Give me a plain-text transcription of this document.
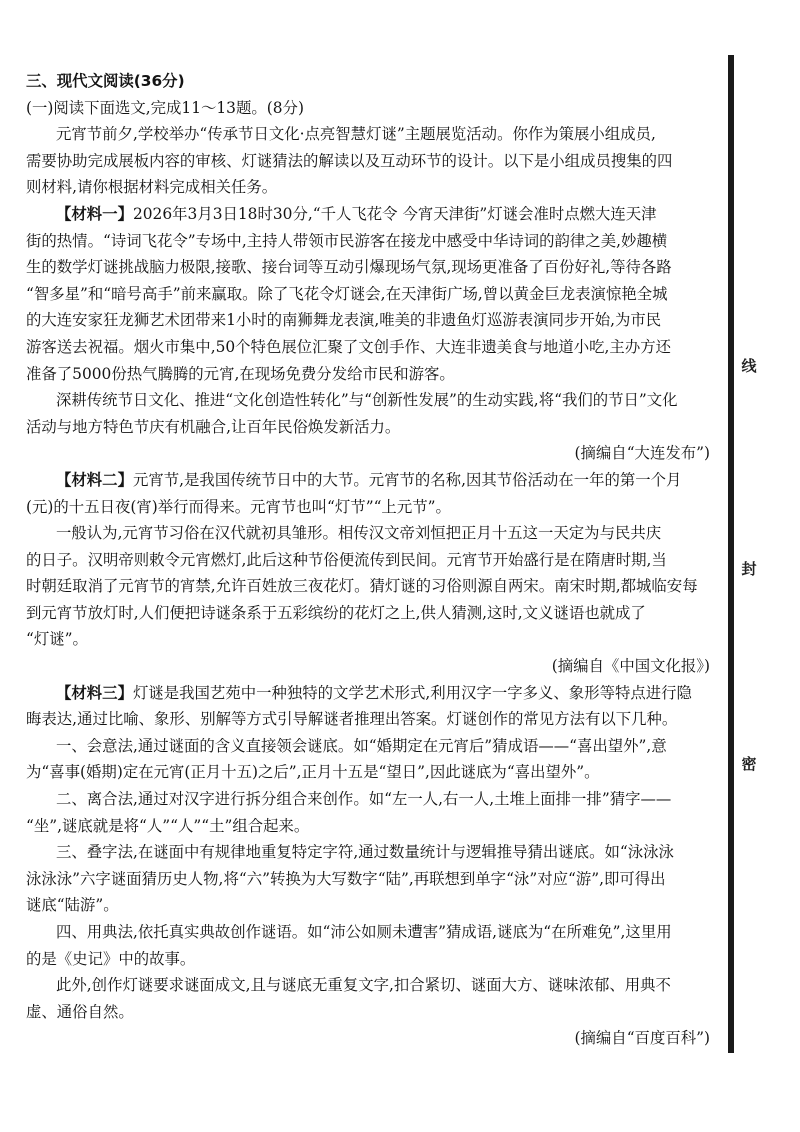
三、现代文阅读(36分)
(一)阅读下面选文,完成11～13题。(8分)
元宵节前夕,学校举办“传承节日文化·点亮智慧灯谜”主题展览活动。你作为策展小组成员,
需要协助完成展板内容的审核、灯谜猜法的解读以及互动环节的设计。以下是小组成员搜集的四
则材料,请你根据材料完成相关任务。
【材料一】2026年3月3日18时30分,“千人飞花令 今宵天津街”灯谜会准时点燃大连天津
街的热情。“诗词飞花令”专场中,主持人带领市民游客在接龙中感受中华诗词的韵律之美,妙趣横
生的数学灯谜挑战脑力极限,接歌、接台词等互动引爆现场气氛,现场更准备了百份好礼,等待各路
“智多星”和“暗号高手”前来赢取。除了飞花令灯谜会,在天津街广场,曾以黄金巨龙表演惊艳全城
的大连安家狂龙狮艺术团带来1小时的南狮舞龙表演,唯美的非遗鱼灯巡游表演同步开始,为市民
游客送去祝福。烟火市集中,50个特色展位汇聚了文创手作、大连非遗美食与地道小吃,主办方还
准备了5000份热气腾腾的元宵,在现场免费分发给市民和游客。
深耕传统节日文化、推进“文化创造性转化”与“创新性发展”的生动实践,将“我们的节日”文化
活动与地方特色节庆有机融合,让百年民俗焕发新活力。
(摘编自“大连发布”)
【材料二】元宵节,是我国传统节日中的大节。元宵节的名称,因其节俗活动在一年的第一个月
(元)的十五日夜(宵)举行而得来。元宵节也叫“灯节”“上元节”。
一般认为,元宵节习俗在汉代就初具雏形。相传汉文帝刘恒把正月十五这一天定为与民共庆
的日子。汉明帝则敕令元宵燃灯,此后这种节俗便流传到民间。元宵节开始盛行是在隋唐时期,当
时朝廷取消了元宵节的宵禁,允许百姓放三夜花灯。猜灯谜的习俗则源自两宋。南宋时期,都城临安每
到元宵节放灯时,人们便把诗谜条系于五彩缤纷的花灯之上,供人猜测,这时,文义谜语也就成了
“灯谜”。
(摘编自《中国文化报》)
【材料三】灯谜是我国艺苑中一种独特的文学艺术形式,利用汉字一字多义、象形等特点进行隐
晦表达,通过比喻、象形、别解等方式引导解谜者推理出答案。灯谜创作的常见方法有以下几种。
一、会意法,通过谜面的含义直接领会谜底。如“婚期定在元宵后”猜成语——“喜出望外”,意
为“喜事(婚期)定在元宵(正月十五)之后”,正月十五是“望日”,因此谜底为“喜出望外”。
二、离合法,通过对汉字进行拆分组合来创作。如“左一人,右一人,土堆上面排一排”猜字——
“坐”,谜底就是将“人”“人”“土”组合起来。
三、叠字法,在谜面中有规律地重复特定字符,通过数量统计与逻辑推导猜出谜底。如“泳泳泳
泳泳泳”六字谜面猜历史人物,将“六”转换为大写数字“陆”,再联想到单字“泳”对应“游”,即可得出
谜底“陆游”。
四、用典法,依托真实典故创作谜语。如“沛公如厕未遭害”猜成语,谜底为“在所难免”,这里用
的是《史记》中的故事。
此外,创作灯谜要求谜面成文,且与谜底无重复文字,扣合紧切、谜面大方、谜味浓郁、用典不
虚、通俗自然。
(摘编自“百度百科”)
线
封
密
